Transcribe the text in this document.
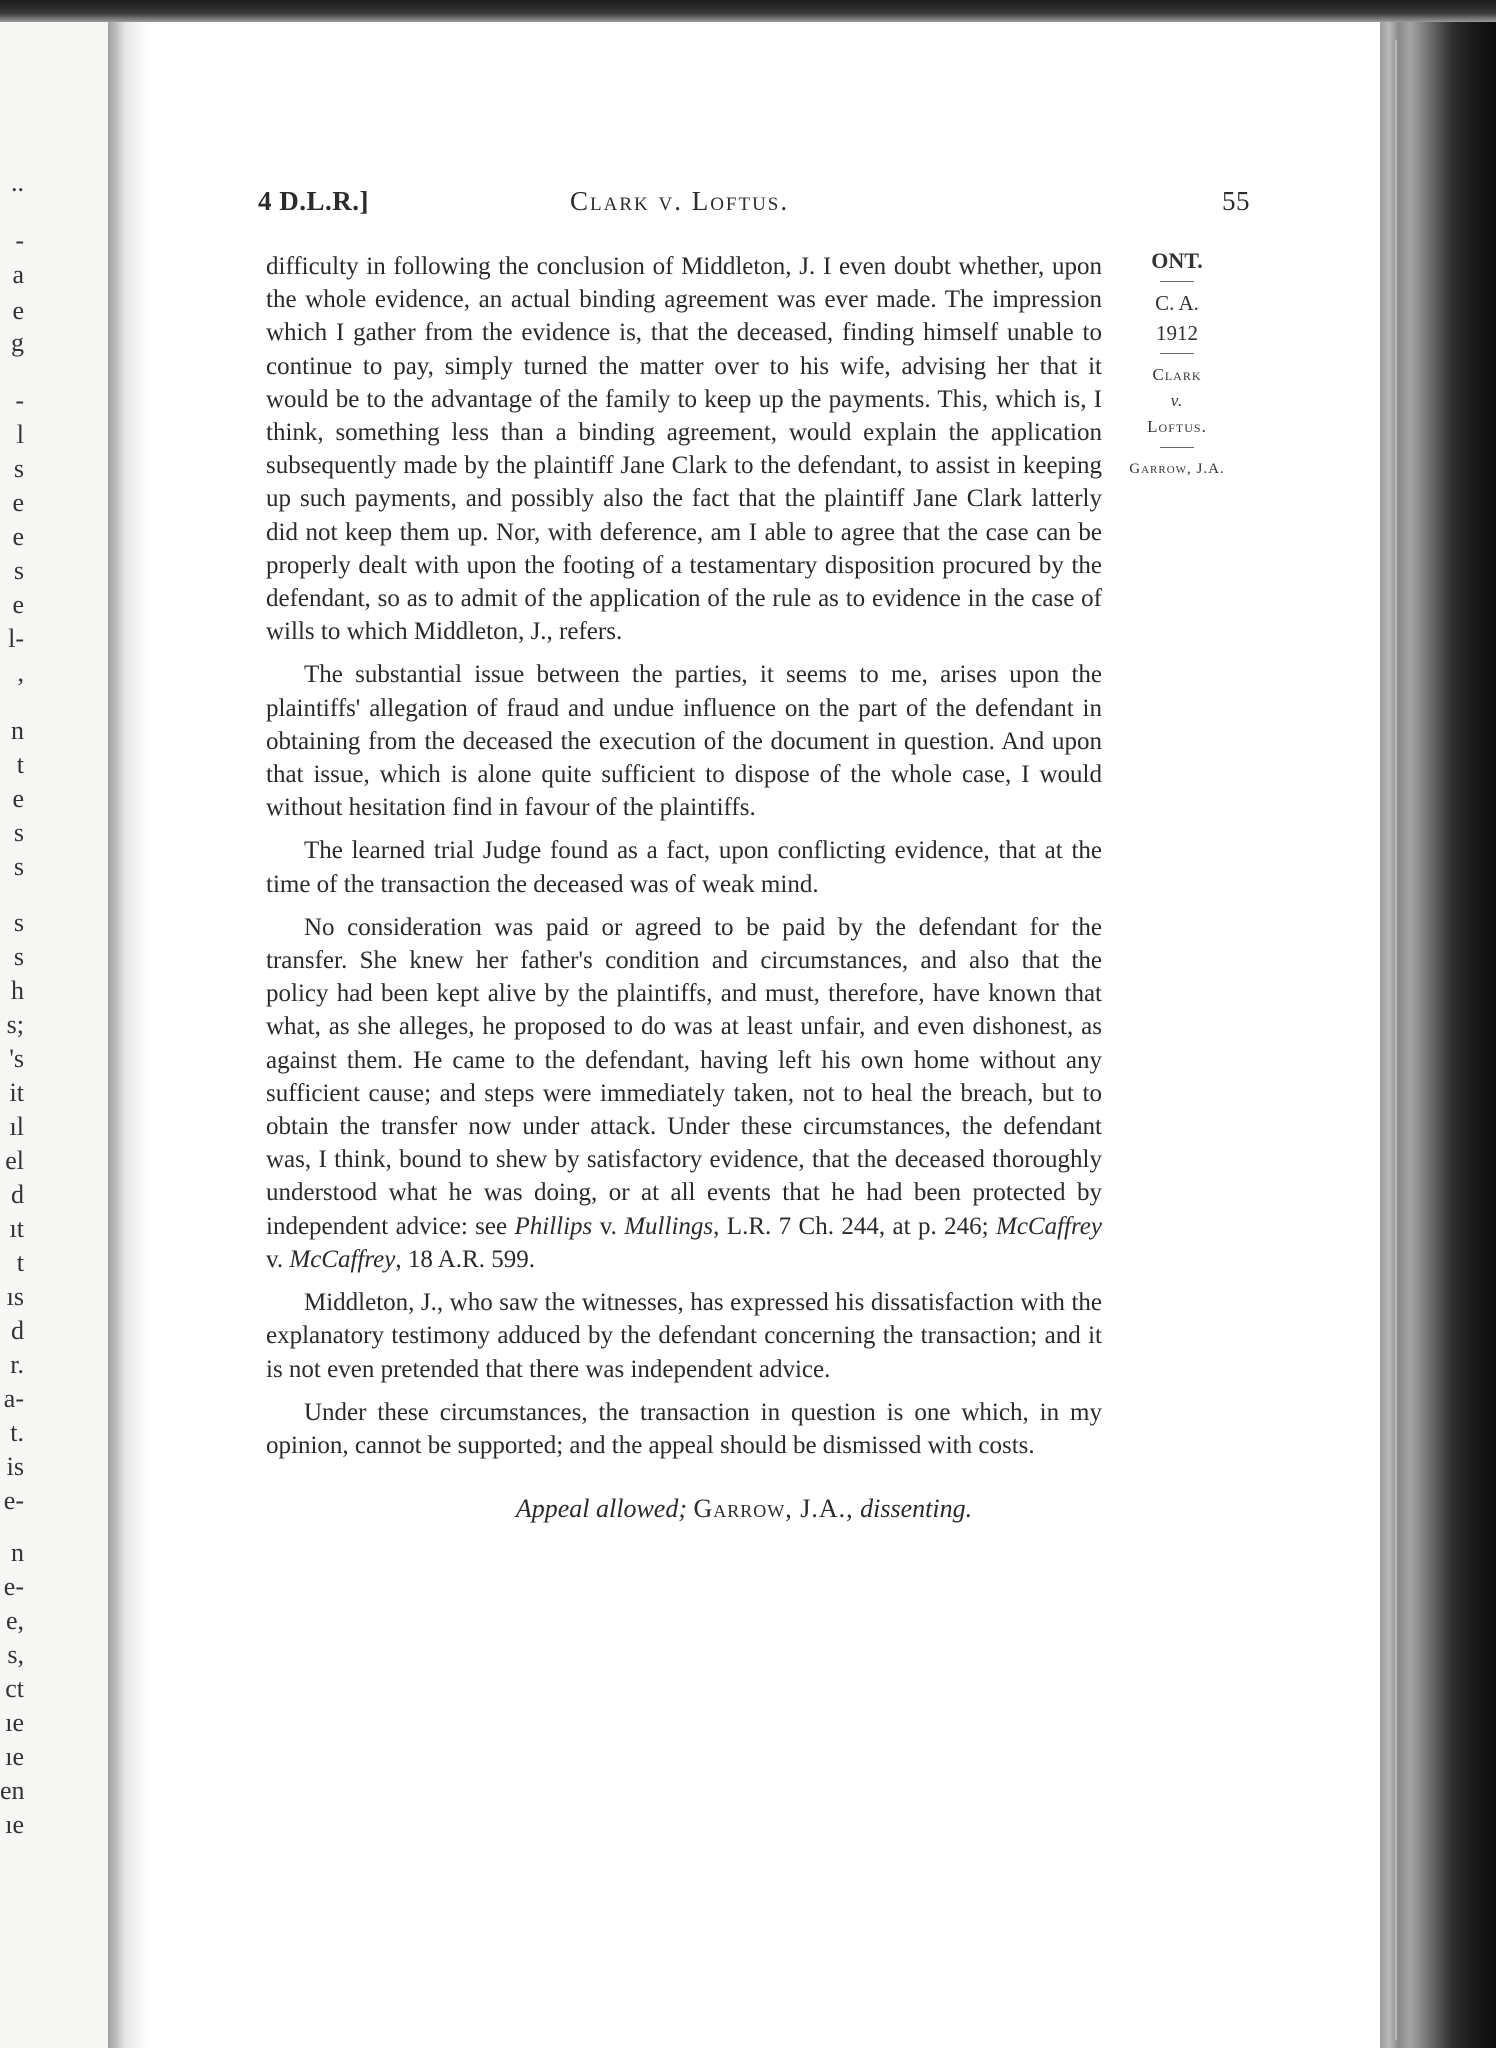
..
-
a
e
g
-
l
s
e
e
s
e
l-
,
n
t
e
s
s
s
s
h
s;
's
it
ıl
el
d
ıt
t
ıs
d
r.
a-
t.
is
e-
n
e-
e,
s,
ct
ıe
ıe
en
ıe
4 D.L.R.]	Clark v. Loftus.	55
ONT.
C. A.
1912
Clark
v.
Loftus.
Garrow, J.A.

difficulty in following the conclusion of Middleton, J. I even doubt whether, upon the whole evidence, an actual binding agreement was ever made. The impression which I gather from the evidence is, that the deceased, finding himself unable to continue to pay, simply turned the matter over to his wife, advising her that it would be to the advantage of the family to keep up the payments. This, which is, I think, something less than a binding agreement, would explain the application subsequently made by the plaintiff Jane Clark to the defendant, to assist in keeping up such payments, and possibly also the fact that the plaintiff Jane Clark latterly did not keep them up. Nor, with deference, am I able to agree that the case can be properly dealt with upon the footing of a testamentary disposition procured by the defendant, so as to admit of the application of the rule as to evidence in the case of wills to which Middleton, J., refers.

The substantial issue between the parties, it seems to me, arises upon the plaintiffs' allegation of fraud and undue influence on the part of the defendant in obtaining from the deceased the execution of the document in question. And upon that issue, which is alone quite sufficient to dispose of the whole case, I would without hesitation find in favour of the plaintiffs.

The learned trial Judge found as a fact, upon conflicting evidence, that at the time of the transaction the deceased was of weak mind.

No consideration was paid or agreed to be paid by the defendant for the transfer. She knew her father's condition and circumstances, and also that the policy had been kept alive by the plaintiffs, and must, therefore, have known that what, as she alleges, he proposed to do was at least unfair, and even dishonest, as against them. He came to the defendant, having left his own home without any sufficient cause; and steps were immediately taken, not to heal the breach, but to obtain the transfer now under attack. Under these circumstances, the defendant was, I think, bound to shew by satisfactory evidence, that the deceased thoroughly understood what he was doing, or at all events that he had been protected by independent advice: see Phillips v. Mullings, L.R. 7 Ch. 244, at p. 246; McCaffrey v. McCaffrey, 18 A.R. 599.

Middleton, J., who saw the witnesses, has expressed his dissatisfaction with the explanatory testimony adduced by the defendant concerning the transaction; and it is not even pretended that there was independent advice.

Under these circumstances, the transaction in question is one which, in my opinion, cannot be supported; and the appeal should be dismissed with costs.

Appeal allowed; Garrow, J.A., dissenting.
